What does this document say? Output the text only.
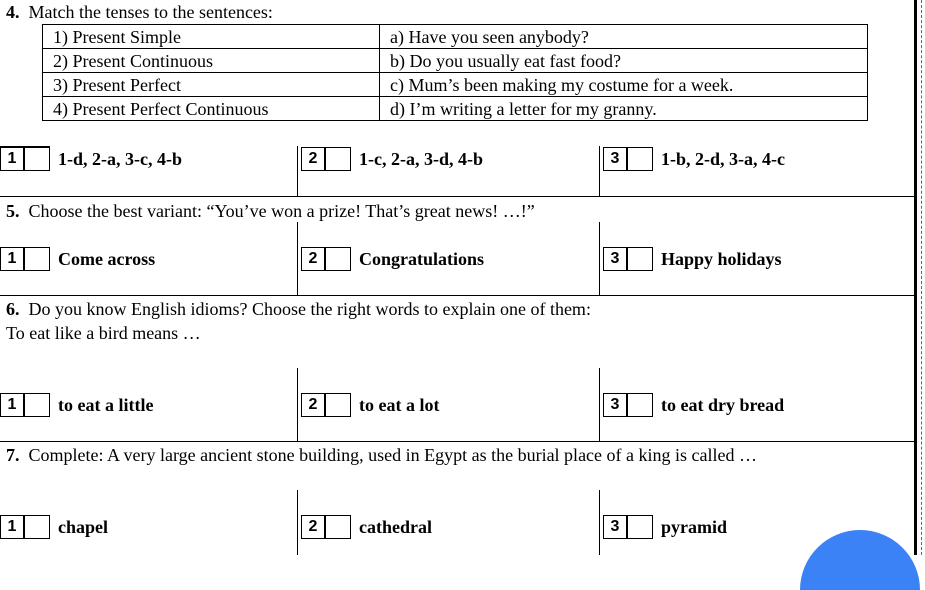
4. Match the tenses to the sentences:
1) Present Simple	a) Have you seen anybody?
2) Present Continuous	b) Do you usually eat fast food?
3) Present Perfect	c) Mum’s been making my costume for a week.
4) Present Perfect Continuous	d) I’m writing a letter for my granny.
1	1-d, 2-a, 3-c, 4-b	2	1-c, 2-a, 3-d, 4-b	3	1-b, 2-d, 3-a, 4-c
5. Choose the best variant: “You’ve won a prize! That’s great news! …!”
1	Come across	2	Congratulations	3	Happy holidays
6. Do you know English idioms? Choose the right words to explain one of them:
To eat like a bird means …
1	to eat a little	2	to eat a lot	3	to eat dry bread
7. Complete: A very large ancient stone building, used in Egypt as the burial place of a king is called …
1	chapel	2	cathedral	3	pyramid
